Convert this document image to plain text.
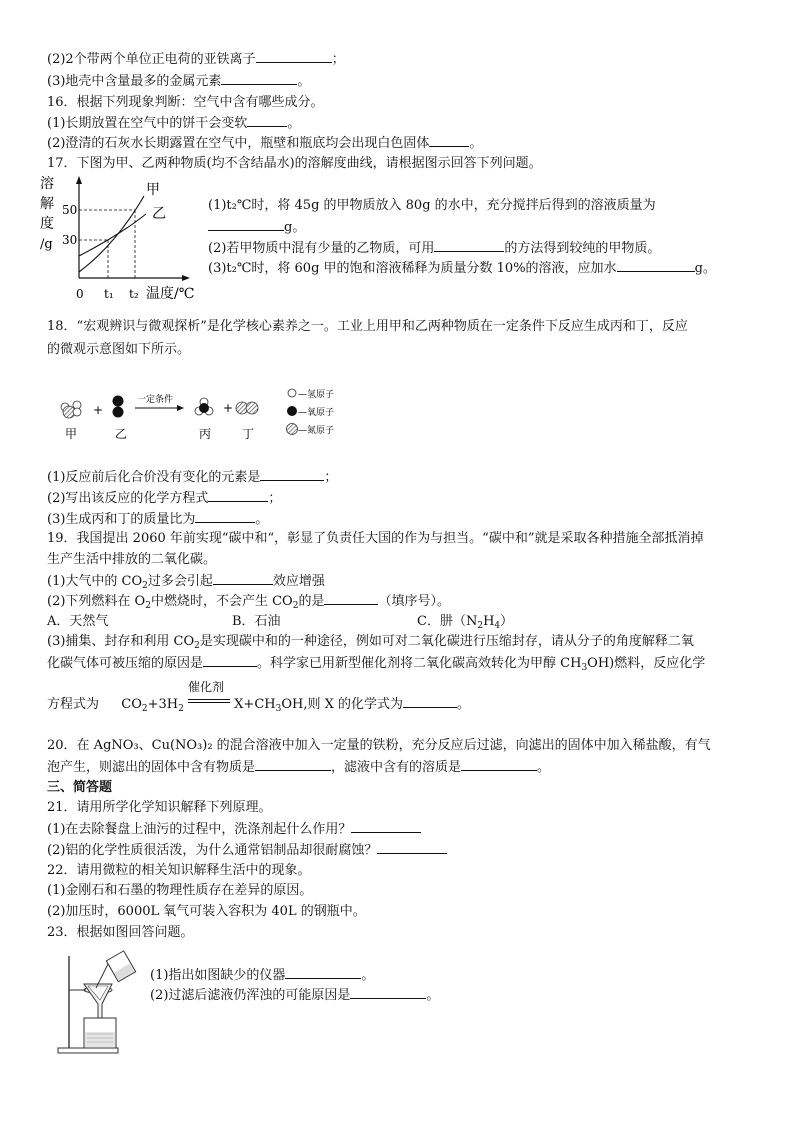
(2)2个带两个单位正电荷的亚铁离子	；
(3)地壳中含量最多的金属元素	。
16．根据下列现象判断：空气中含有哪些成分。
(1)长期放置在空气中的饼干会变软	。
(2)澄清的石灰水长期露置在空气中，瓶壁和瓶底均会出现白色固体	。
17．下图为甲、乙两种物质(均不含结晶水)的溶解度曲线，请根据图示回答下列问题。
溶
解
度
/g
50
30
甲
乙
0 t₁ t₂ 温度/℃
(1)t₂℃时，将 45g 的甲物质放入 80g 的水中，充分搅拌后得到的溶液质量为
g。
(2)若甲物质中混有少量的乙物质，可用	的方法得到较纯的甲物质。
(3)t₂℃时，将 60g 甲的饱和溶液稀释为质量分数 10%的溶液，应加水	g。
18．“宏观辨识与微观探析”是化学核心素养之一。工业上用甲和乙两种物质在一定条件下反应生成丙和丁，反应
的微观示意图如下所示。
+
一定条件
+
甲	乙	丙	丁
—氢原子
—氧原子
—氮原子
(1)反应前后化合价没有变化的元素是	；
(2)写出该反应的化学方程式	；
(3)生成丙和丁的质量比为	。
19．我国提出 2060 年前实现“碳中和“，彰显了负责任大国的作为与担当。“碳中和”就是采取各种措施全部抵消掉
生产生活中排放的二氧化碳。
(1)大气中的 $CO_2$过多会引起	效应增强
(2)下列燃料在 $O_2$中燃烧时，不会产生 $CO_2$的是	（填序号）。
A．天然气	B．石油	C．肼$(N_2H_4)$
(3)捕集、封存和利用 $CO_2$是实现碳中和的一种途径，例如可对二氧化碳进行压缩封存，请从分子的角度解释二氧
化碳气体可被压缩的原因是	。科学家已用新型催化剂将二氧化碳高效转化为甲醇 $CH_3OH$)燃料，反应化学
方程式为 $CO_2+3H_2$
催化剂
$X+CH_3OH$,则 X 的化学式为	。
20．在 AgNO₃、Cu(NO₃)₂ 的混合溶液中加入一定量的铁粉，充分反应后过滤，向滤出的固体中加入稀盐酸，有气
泡产生，则滤出的固体中含有物质是	，滤液中含有的溶质是	。
三、简答题
21．请用所学化学知识解释下列原理。
(1)在去除餐盘上油污的过程中，洗涤剂起什么作用？
(2)铝的化学性质很活泼，为什么通常铝制品却很耐腐蚀？
22．请用微粒的相关知识解释生活中的现象。
(1)金刚石和石墨的物理性质存在差异的原因。
(2)加压时，6000L 氧气可装入容积为 40L 的钢瓶中。
23．根据如图回答问题。
(1)指出如图缺少的仪器	。
(2)过滤后滤液仍浑浊的可能原因是	。
